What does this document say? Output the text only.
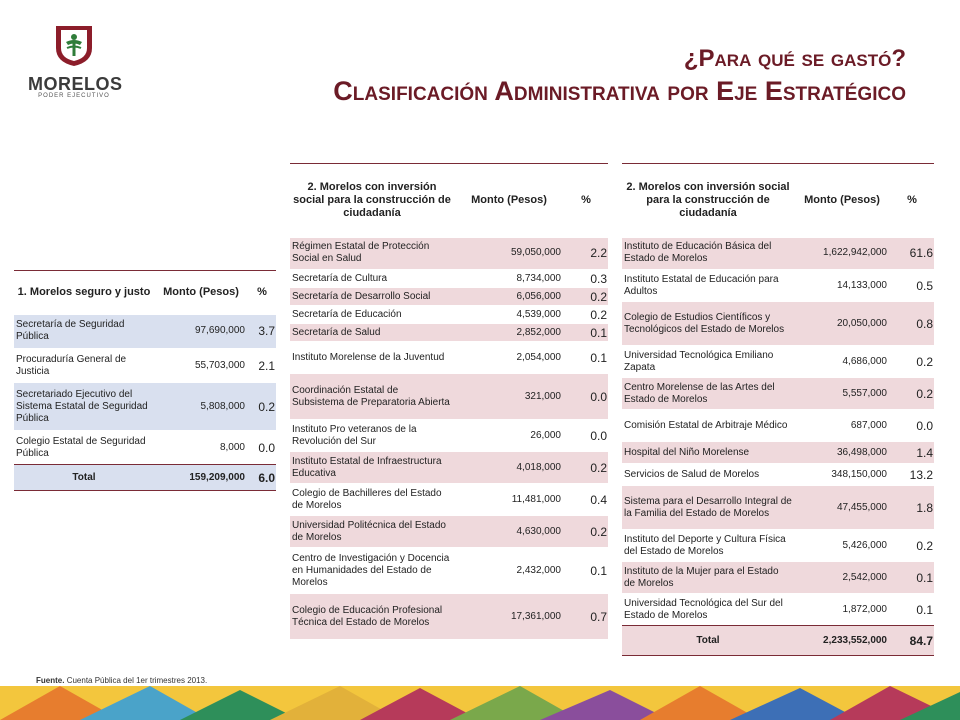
MORELOS
PODER EJECUTIVO
¿Para qué se gastó?
Clasificación Administrativa por Eje Estratégico
1. Morelos seguro y justo	Monto (Pesos)	%
Secretaría de Seguridad Pública	97,690,000	3.7
Procuraduría General de Justicia	55,703,000	2.1
Secretariado Ejecutivo del Sistema Estatal de Seguridad Pública	5,808,000	0.2
Colegio Estatal de Seguridad Pública	8,000	0.0
Total	159,209,000	6.0
2. Morelos con inversión social para la construcción de ciudadanía	Monto (Pesos)	%
Régimen Estatal de Protección Social en Salud	59,050,000	2.2
Secretaría de Cultura	8,734,000	0.3
Secretaría de Desarrollo Social	6,056,000	0.2
Secretaría de Educación	4,539,000	0.2
Secretaría de Salud	2,852,000	0.1
Instituto Morelense de la Juventud	2,054,000	0.1
Coordinación Estatal de Subsistema de Preparatoria Abierta	321,000	0.0
Instituto Pro veteranos de la Revolución del Sur	26,000	0.0
Instituto Estatal de Infraestructura Educativa	4,018,000	0.2
Colegio de Bachilleres del Estado de Morelos	11,481,000	0.4
Universidad Politécnica del Estado de Morelos	4,630,000	0.2
Centro de Investigación y Docencia en Humanidades del Estado de Morelos	2,432,000	0.1
Colegio de Educación Profesional Técnica del Estado de Morelos	17,361,000	0.7
2. Morelos con inversión social para la construcción de ciudadanía	Monto (Pesos)	%
Instituto de Educación Básica del Estado de Morelos	1,622,942,000	61.6
Instituto Estatal de Educación para Adultos	14,133,000	0.5
Colegio de Estudios Científicos y Tecnológicos del Estado de Morelos	20,050,000	0.8
Universidad Tecnológica Emiliano Zapata	4,686,000	0.2
Centro Morelense de las Artes del Estado de Morelos	5,557,000	0.2
Comisión Estatal de Arbitraje Médico	687,000	0.0
Hospital del Niño Morelense	36,498,000	1.4
Servicios de Salud de Morelos	348,150,000	13.2
Sistema para el Desarrollo Integral de la Familia del Estado de Morelos	47,455,000	1.8
Instituto del Deporte y Cultura Física del Estado de Morelos	5,426,000	0.2
Instituto de la Mujer para el Estado de Morelos	2,542,000	0.1
Universidad Tecnológica del Sur del Estado de Morelos	1,872,000	0.1
Total	2,233,552,000	84.7
Fuente. Cuenta Pública del 1er trimestres 2013.
